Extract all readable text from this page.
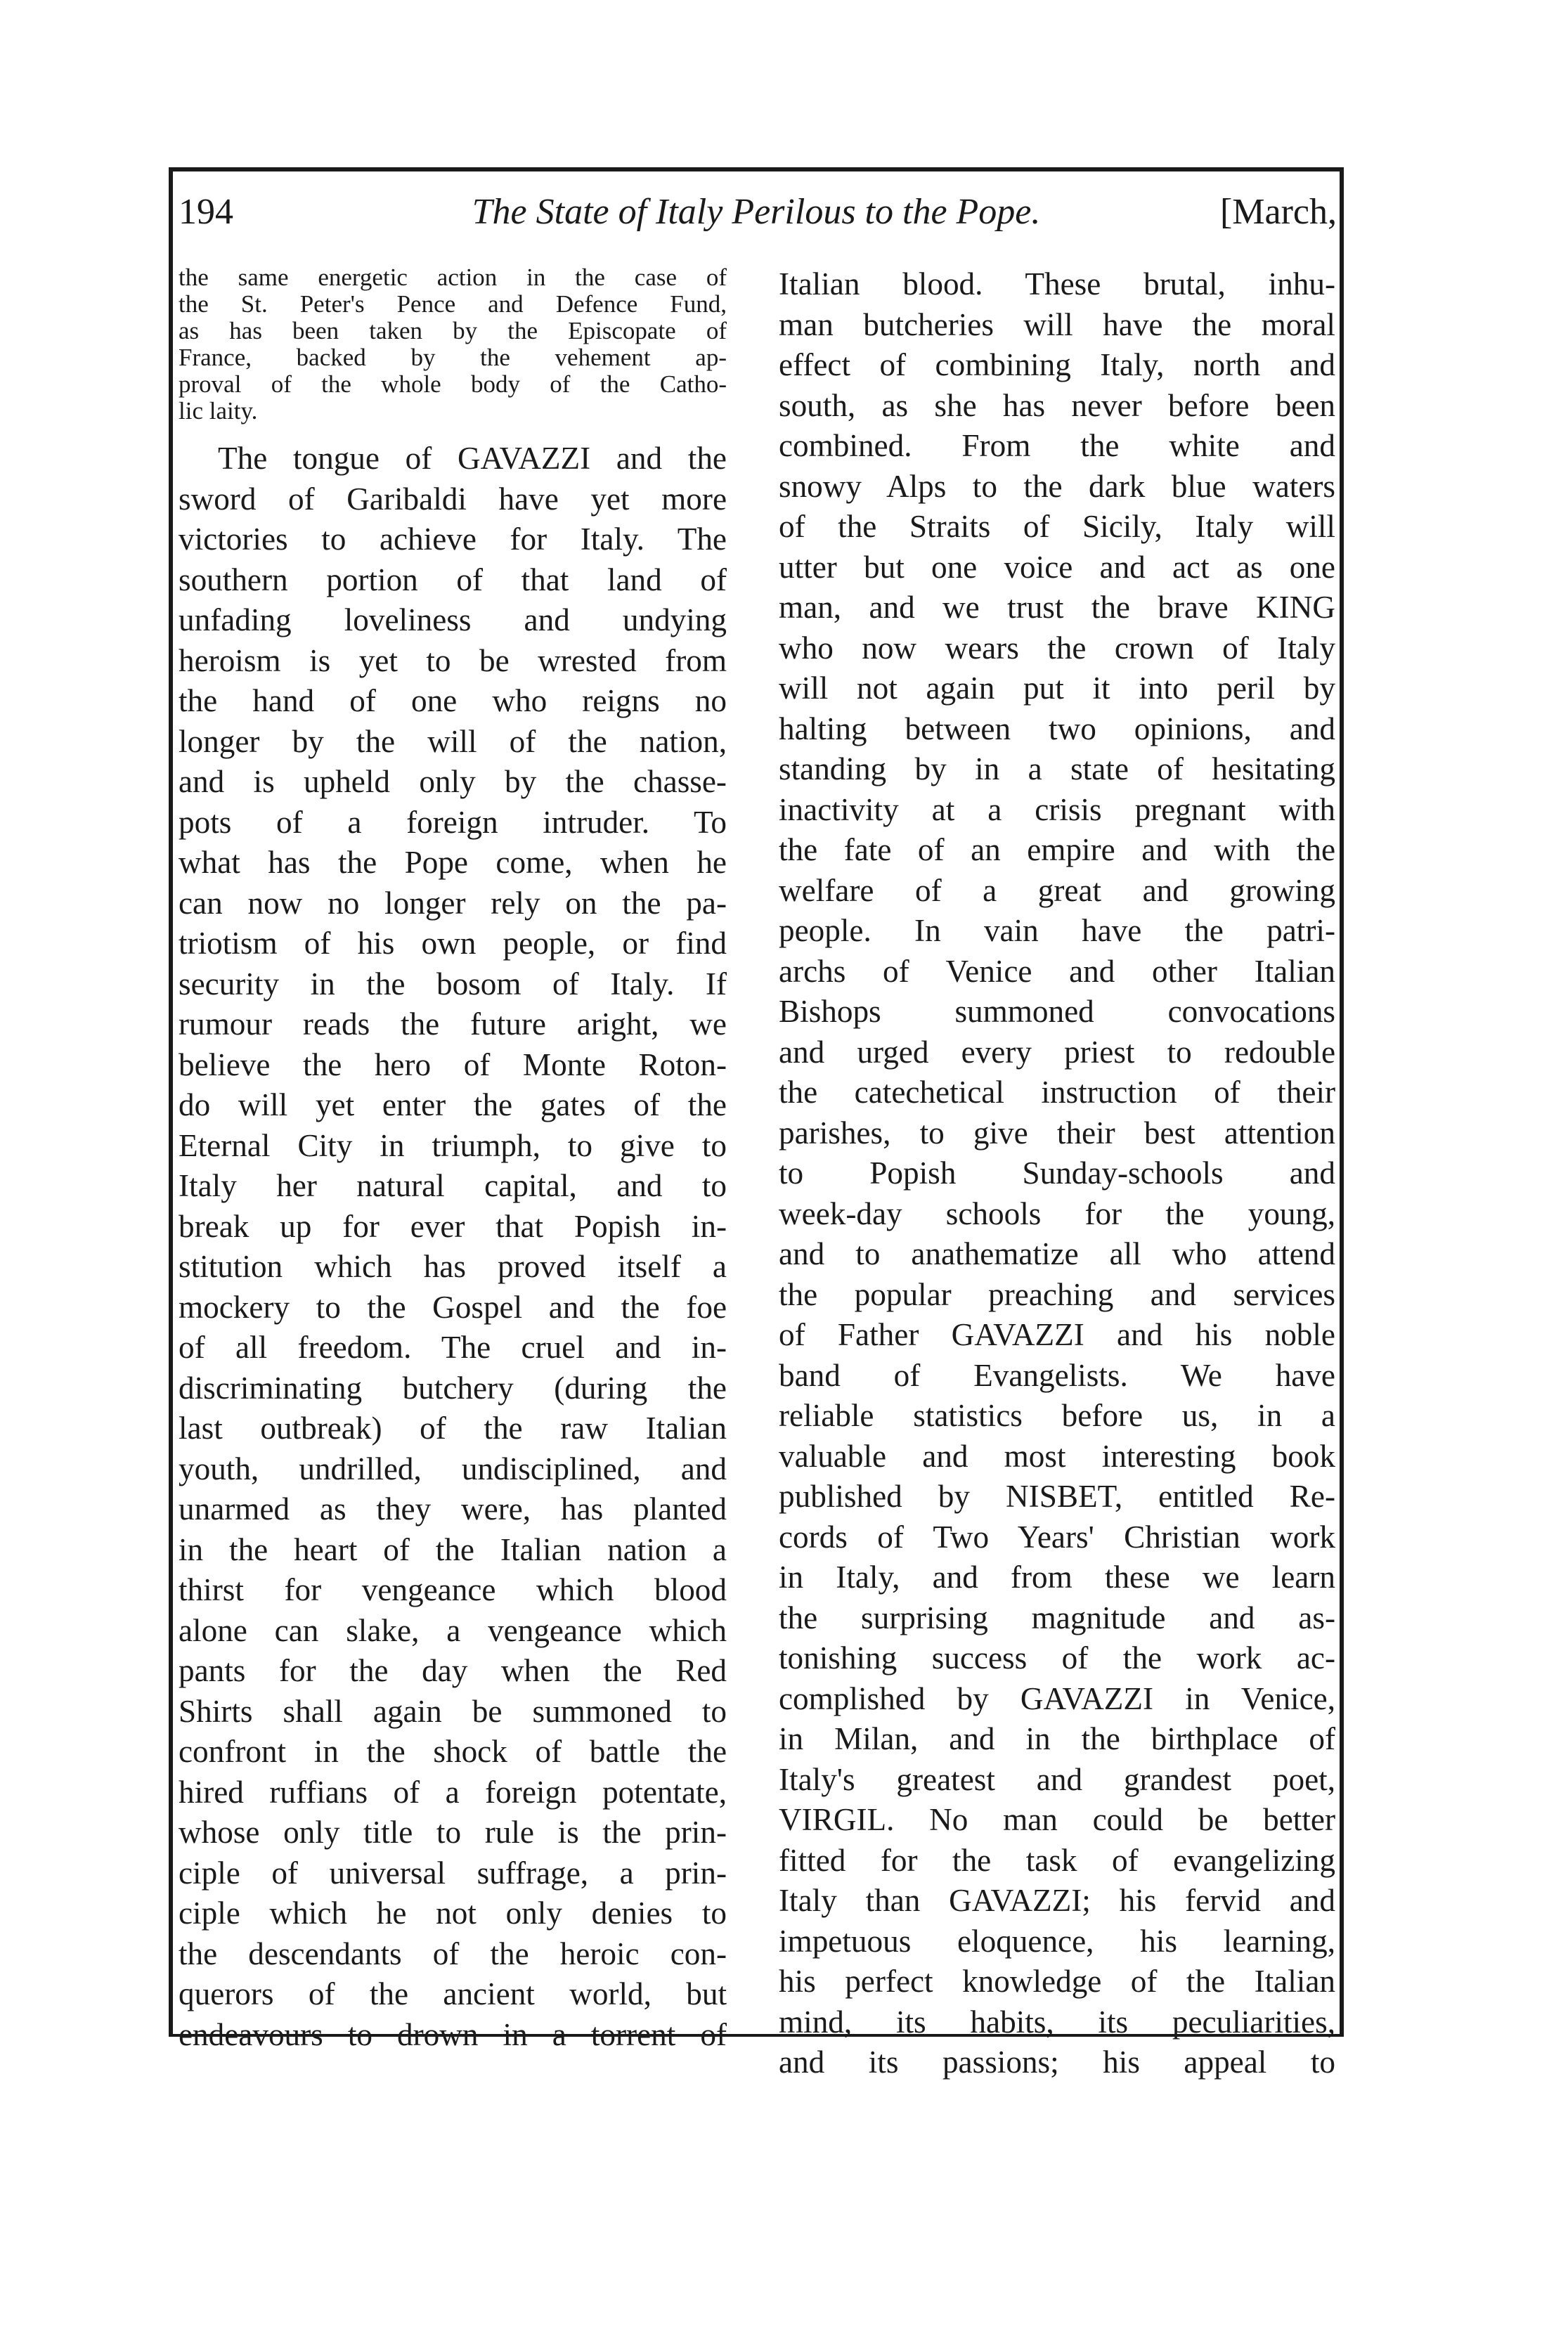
194	The State of Italy Perilous to the Pope.	[March,
the same energetic action in the case of
the St. Peter's Pence and Defence Fund,
as has been taken by the Episcopate of
France, backed by the vehement ap-
proval of the whole body of the Catho-
lic laity.
The tongue of GAVAZZI and the
sword of Garibaldi have yet more
victories to achieve for Italy. The
southern portion of that land of
unfading loveliness and undying
heroism is yet to be wrested from
the hand of one who reigns no
longer by the will of the nation,
and is upheld only by the chasse-
pots of a foreign intruder. To
what has the Pope come, when he
can now no longer rely on the pa-
triotism of his own people, or find
security in the bosom of Italy. If
rumour reads the future aright, we
believe the hero of Monte Roton-
do will yet enter the gates of the
Eternal City in triumph, to give to
Italy her natural capital, and to
break up for ever that Popish in-
stitution which has proved itself a
mockery to the Gospel and the foe
of all freedom. The cruel and in-
discriminating butchery (during the
last outbreak) of the raw Italian
youth, undrilled, undisciplined, and
unarmed as they were, has planted
in the heart of the Italian nation a
thirst for vengeance which blood
alone can slake, a vengeance which
pants for the day when the Red
Shirts shall again be summoned to
confront in the shock of battle the
hired ruffians of a foreign potentate,
whose only title to rule is the prin-
ciple of universal suffrage, a prin-
ciple which he not only denies to
the descendants of the heroic con-
querors of the ancient world, but
endeavours to drown in a torrent of
Italian blood. These brutal, inhu-
man butcheries will have the moral
effect of combining Italy, north and
south, as she has never before been
combined. From the white and
snowy Alps to the dark blue waters
of the Straits of Sicily, Italy will
utter but one voice and act as one
man, and we trust the brave KING
who now wears the crown of Italy
will not again put it into peril by
halting between two opinions, and
standing by in a state of hesitating
inactivity at a crisis pregnant with
the fate of an empire and with the
welfare of a great and growing
people. In vain have the patri-
archs of Venice and other Italian
Bishops summoned convocations
and urged every priest to redouble
the catechetical instruction of their
parishes, to give their best attention
to Popish Sunday-schools and
week-day schools for the young,
and to anathematize all who attend
the popular preaching and services
of Father GAVAZZI and his noble
band of Evangelists. We have
reliable statistics before us, in a
valuable and most interesting book
published by NISBET, entitled Re-
cords of Two Years' Christian work
in Italy, and from these we learn
the surprising magnitude and as-
tonishing success of the work ac-
complished by GAVAZZI in Venice,
in Milan, and in the birthplace of
Italy's greatest and grandest poet,
VIRGIL. No man could be better
fitted for the task of evangelizing
Italy than GAVAZZI; his fervid and
impetuous eloquence, his learning,
his perfect knowledge of the Italian
mind, its habits, its peculiarities,
and its passions; his appeal to
